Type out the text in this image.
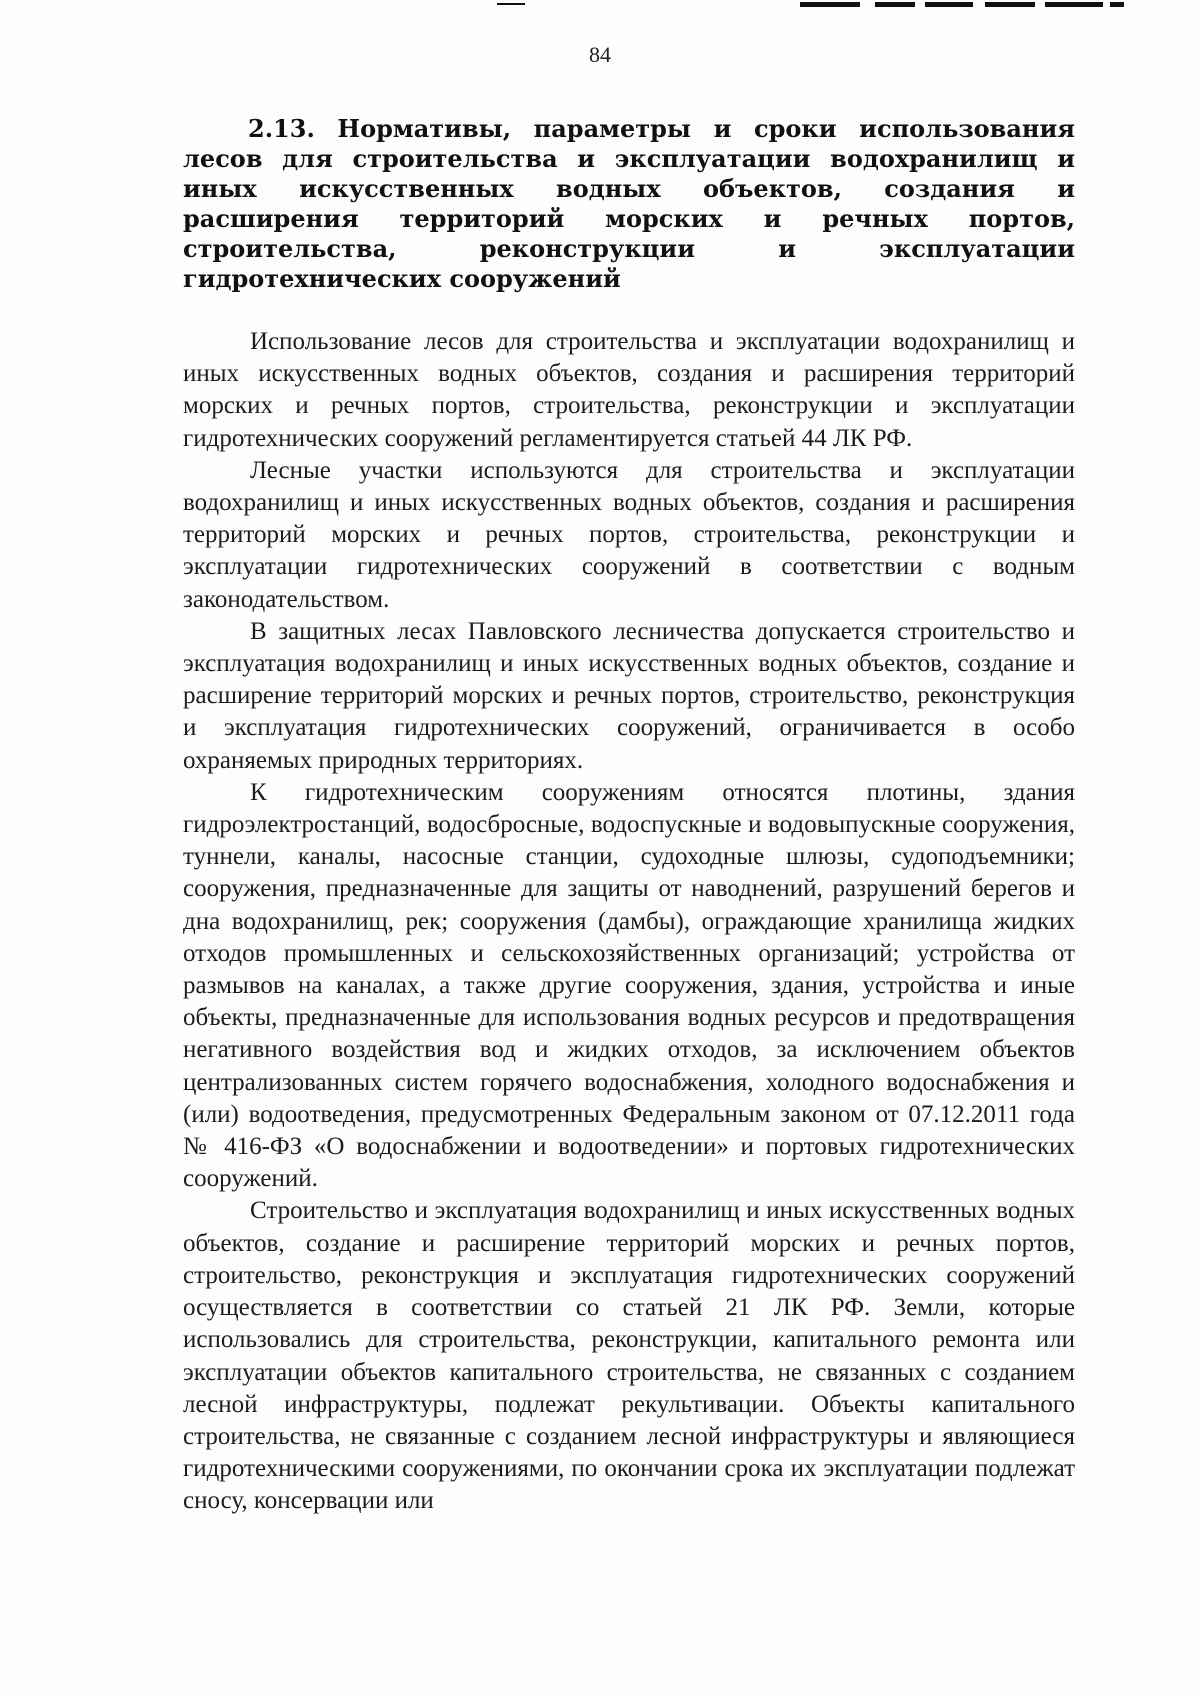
84

2.13. Нормативы, параметры и сроки использования лесов для строительства и эксплуатации водохранилищ и иных искусственных водных объектов, создания и расширения территорий морских и речных портов, строительства, реконструкции и эксплуатации гидротехнических сооружений

Использование лесов для строительства и эксплуатации водохранилищ и иных искусственных водных объектов, создания и расширения территорий морских и речных портов, строительства, реконструкции и эксплуатации гидротехнических сооружений регламентируется статьей 44 ЛК РФ.

Лесные участки используются для строительства и эксплуатации водохранилищ и иных искусственных водных объектов, создания и расширения территорий морских и речных портов, строительства, реконструкции и эксплуатации гидротехнических сооружений в соответствии с водным законодательством.

В защитных лесах Павловского лесничества допускается строительство и эксплуатация водохранилищ и иных искусственных водных объектов, создание и расширение территорий морских и речных портов, строительство, реконструкция и эксплуатация гидротехнических сооружений, ограничивается в особо охраняемых природных территориях.

К гидротехническим сооружениям относятся плотины, здания гидроэлектростанций, водосбросные, водоспускные и водовыпускные сооружения, туннели, каналы, насосные станции, судоходные шлюзы, судоподъемники; сооружения, предназначенные для защиты от наводнений, разрушений берегов и дна водохранилищ, рек; сооружения (дамбы), ограждающие хранилища жидких отходов промышленных и сельскохозяйственных организаций; устройства от размывов на каналах, а также другие сооружения, здания, устройства и иные объекты, предназначенные для использования водных ресурсов и предотвращения негативного воздействия вод и жидких отходов, за исключением объектов централизованных систем горячего водоснабжения, холодного водоснабжения и (или) водоотведения, предусмотренных Федеральным законом от 07.12.2011 года № 416-ФЗ «О водоснабжении и водоотведении» и портовых гидротехнических сооружений.

Строительство и эксплуатация водохранилищ и иных искусственных водных объектов, создание и расширение территорий морских и речных портов, строительство, реконструкция и эксплуатация гидротехнических сооружений осуществляется в соответствии со статьей 21 ЛК РФ. Земли, которые использовались для строительства, реконструкции, капитального ремонта или эксплуатации объектов капитального строительства, не связанных с созданием лесной инфраструктуры, подлежат рекультивации. Объекты капитального строительства, не связанные с созданием лесной инфраструктуры и являющиеся гидротехническими сооружениями, по окончании срока их эксплуатации подлежат сносу, консервации или
